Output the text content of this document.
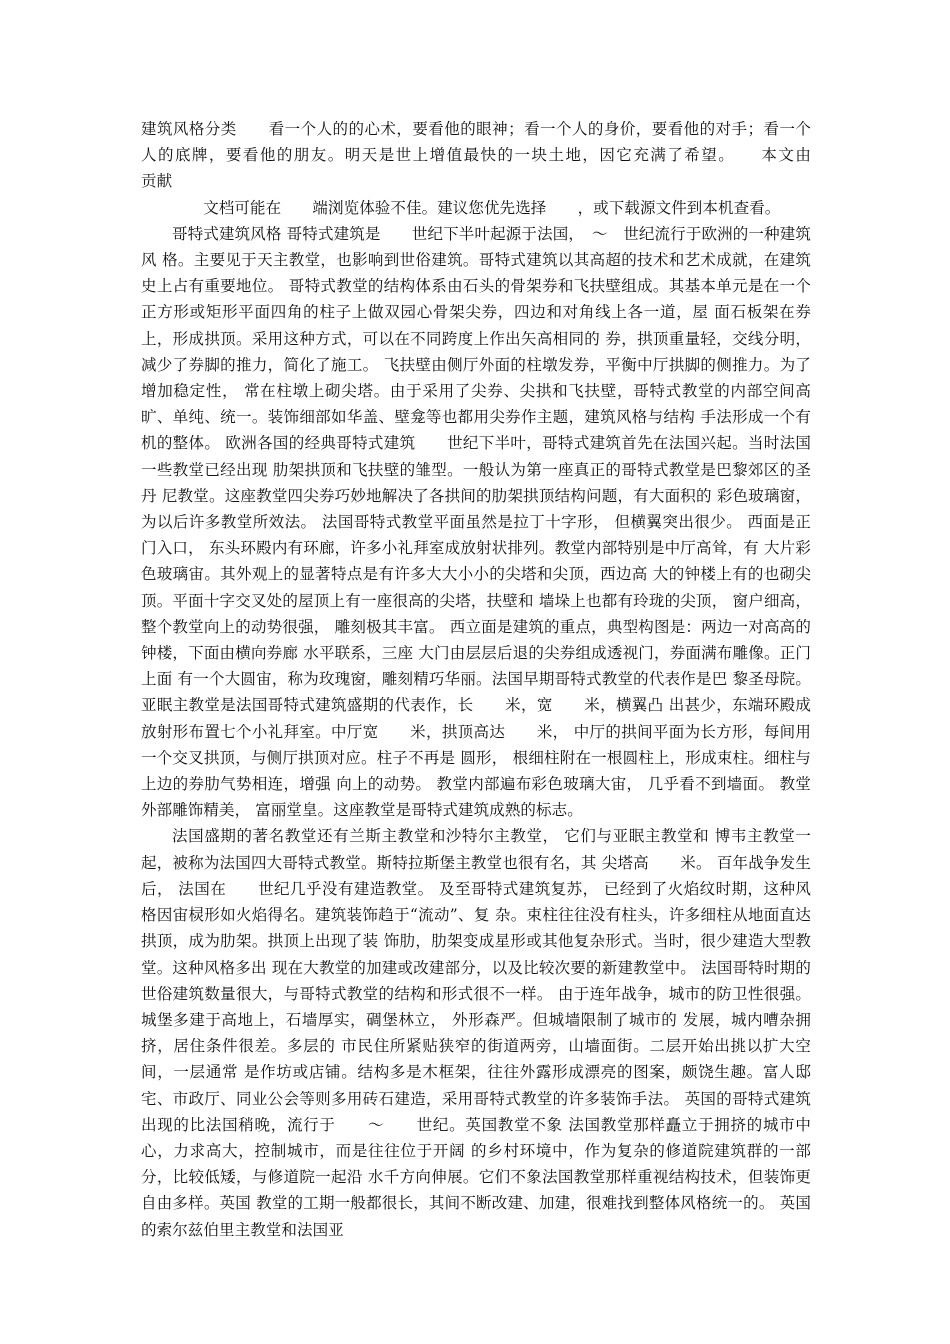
建筑风格分类　　看一个人的的心术，要看他的眼神；看一个人的身价，要看他的对手；看一个人的底牌，要看他的朋友。明天是世上增值最快的一块土地，因它充满了希望。　　本文由　　　　　贡献

　　文档可能在　　端浏览体验不佳。建议您优先选择　　，或下载源文件到本机查看。

哥特式建筑风格 哥特式建筑是　　世纪下半叶起源于法国，　～　世纪流行于欧洲的一种建筑风 格。主要见于天主教堂，也影响到世俗建筑。哥特式建筑以其高超的技术和艺术成就，在建筑史上占有重要地位。 哥特式教堂的结构体系由石头的骨架券和飞扶壁组成。其基本单元是在一个 正方形或矩形平面四角的柱子上做双园心骨架尖券，四边和对角线上各一道，屋 面石板架在券上，形成拱顶。采用这种方式，可以在不同跨度上作出矢高相同的 券，拱顶重量轻，交线分明，减少了券脚的推力，简化了施工。 飞扶壁由侧厅外面的柱墩发券，平衡中厅拱脚的侧推力。为了增加稳定性， 常在柱墩上砌尖塔。由于采用了尖券、尖拱和飞扶壁，哥特式教堂的内部空间高 旷、单纯、统一。装饰细部如华盖、壁龛等也都用尖券作主题，建筑风格与结构 手法形成一个有机的整体。 欧洲各国的经典哥特式建筑　　世纪下半叶，哥特式建筑首先在法国兴起。当时法国一些教堂已经出现 肋架拱顶和飞扶壁的雏型。一般认为第一座真正的哥特式教堂是巴黎郊区的圣丹 尼教堂。这座教堂四尖券巧妙地解决了各拱间的肋架拱顶结构问题，有大面积的 彩色玻璃窗，为以后许多教堂所效法。 法国哥特式教堂平面虽然是拉丁十字形， 但横翼突出很少。 西面是正门入口， 东头环殿内有环廊，许多小礼拜室成放射状排列。教堂内部特别是中厅高耸，有 大片彩色玻璃宙。其外观上的显著特点是有许多大大小小的尖塔和尖顶，西边高 大的钟楼上有的也砌尖顶。平面十字交叉处的屋顶上有一座很高的尖塔，扶壁和 墙垛上也都有玲珑的尖顶， 窗户细高， 整个教堂向上的动势很强， 雕刻极其丰富。 西立面是建筑的重点，典型构图是：两边一对高高的钟楼，下面由横向券廊 水平联系，三座 大门由层层后退的尖券组成透视门，券面满布雕像。正门上面 有一个大圆宙，称为玫瑰窗，雕刻精巧华丽。法国早期哥特式教堂的代表作是巴 黎圣母院。 亚眠主教堂是法国哥特式建筑盛期的代表作，长　　米，宽　　米，横翼凸 出甚少，东端环殿成放射形布置七个小礼拜室。中厅宽　　米，拱顶高达　　米， 中厅的拱间平面为长方形，每间用一个交叉拱顶，与侧厅拱顶对应。柱子不再是 圆形， 根细柱附在一根圆柱上，形成束柱。细柱与上边的券肋气势相连，增强 向上的动势。 教堂内部遍布彩色玻璃大宙， 几乎看不到墙面。 教堂外部雕饰精美， 富丽堂皇。这座教堂是哥特式建筑成熟的标志。

法国盛期的著名教堂还有兰斯主教堂和沙特尔主教堂， 它们与亚眠主教堂和 博韦主教堂一起，被称为法国四大哥特式教堂。斯特拉斯堡主教堂也很有名，其 尖塔高　　米。 百年战争发生后， 法国在　　世纪几乎没有建造教堂。 及至哥特式建筑复苏， 已经到了火焰纹时期，这种风格因宙棂形如火焰得名。建筑装饰趋于“流动”、复 杂。束柱往往没有柱头，许多细柱从地面直达拱顶，成为肋架。拱顶上出现了装 饰肋，肋架变成星形或其他复杂形式。当时，很少建造大型教堂。这种风格多出 现在大教堂的加建或改建部分，以及比较次要的新建教堂中。 法国哥特时期的世俗建筑数量很大，与哥特式教堂的结构和形式很不一样。 由于连年战争，城市的防卫性很强。城堡多建于高地上，石墙厚实，碉堡林立， 外形森严。但城墙限制了城市的 发展，城内嘈杂拥挤，居住条件很差。多层的 市民住所紧贴狭窄的街道两旁，山墙面街。二层开始出挑以扩大空间，一层通常 是作坊或店铺。结构多是木框架，往往外露形成漂亮的图案，颇饶生趣。富人邸 宅、市政厅、同业公会等则多用砖石建造，采用哥特式教堂的许多装饰手法。 英国的哥特式建筑出现的比法国稍晚，流行于　　～　　世纪。英国教堂不象 法国教堂那样矗立于拥挤的城市中心，力求高大，控制城市，而是往往位于开阔 的乡村环境中，作为复杂的修道院建筑群的一部分，比较低矮，与修道院一起沿 水千方向伸展。它们不象法国教堂那样重视结构技术，但装饰更自由多样。英国 教堂的工期一般都很长，其间不断改建、加建，很难找到整体风格统一的。 英国的索尔兹伯里主教堂和法国亚
